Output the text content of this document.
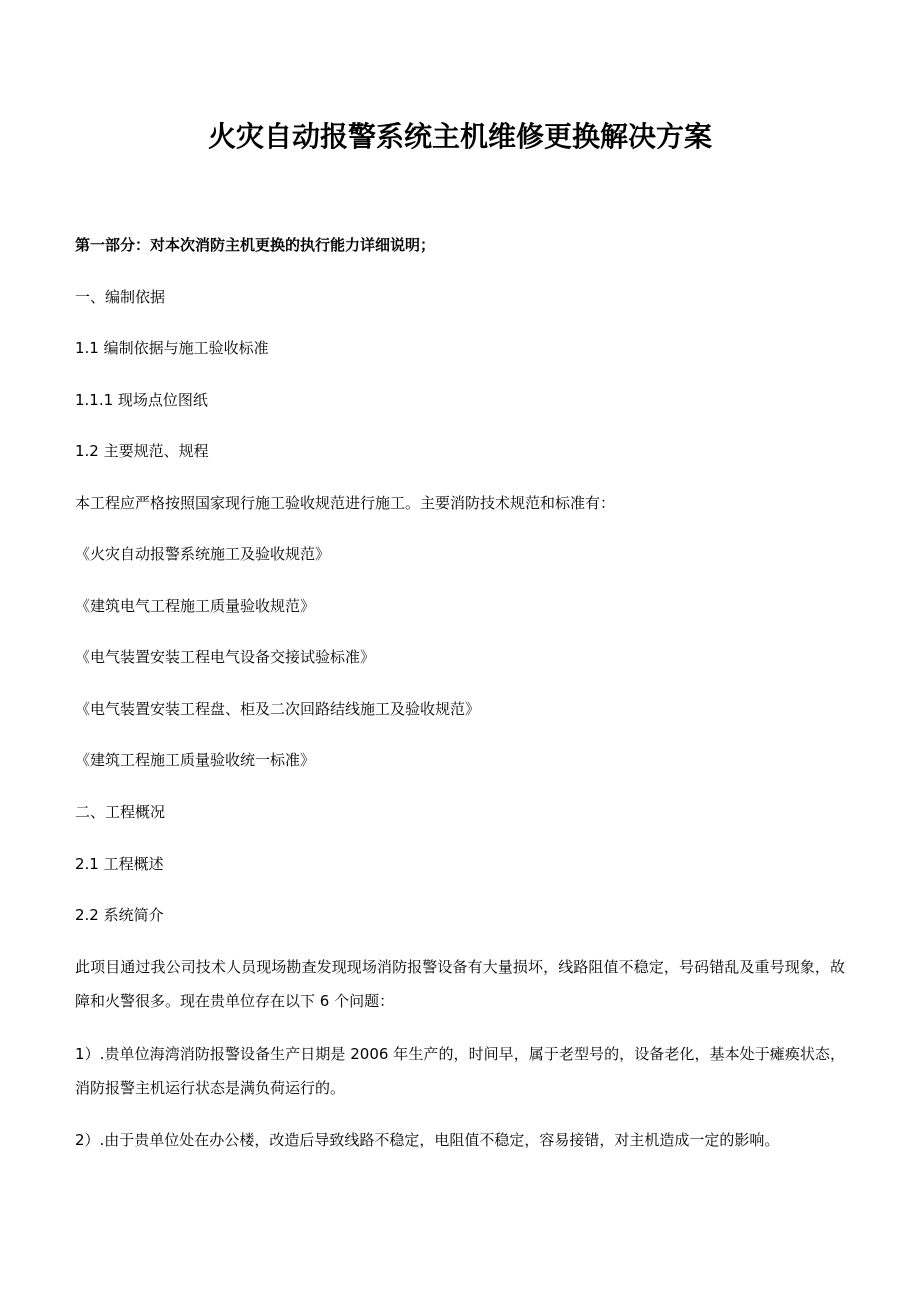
火灾自动报警系统主机维修更换解决方案

第一部分：对本次消防主机更换的执行能力详细说明；

一、编制依据

1.1 编制依据与施工验收标准

1.1.1 现场点位图纸

1.2 主要规范、规程

本工程应严格按照国家现行施工验收规范进行施工。主要消防技术规范和标准有：

《火灾自动报警系统施工及验收规范》

《建筑电气工程施工质量验收规范》

《电气装置安装工程电气设备交接试验标准》

《电气装置安装工程盘、柜及二次回路结线施工及验收规范》

《建筑工程施工质量验收统一标准》

二、工程概况

2.1 工程概述

2.2 系统简介

此项目通过我公司技术人员现场勘查发现现场消防报警设备有大量损坏，线路阻值不稳定，号码错乱及重号现象，故障和火警很多。现在贵单位存在以下 6 个问题：

1）.贵单位海湾消防报警设备生产日期是 2006 年生产的，时间早，属于老型号的，设备老化，基本处于瘫痪状态，消防报警主机运行状态是满负荷运行的。

2）.由于贵单位处在办公楼，改造后导致线路不稳定，电阻值不稳定，容易接错，对主机造成一定的影响。
